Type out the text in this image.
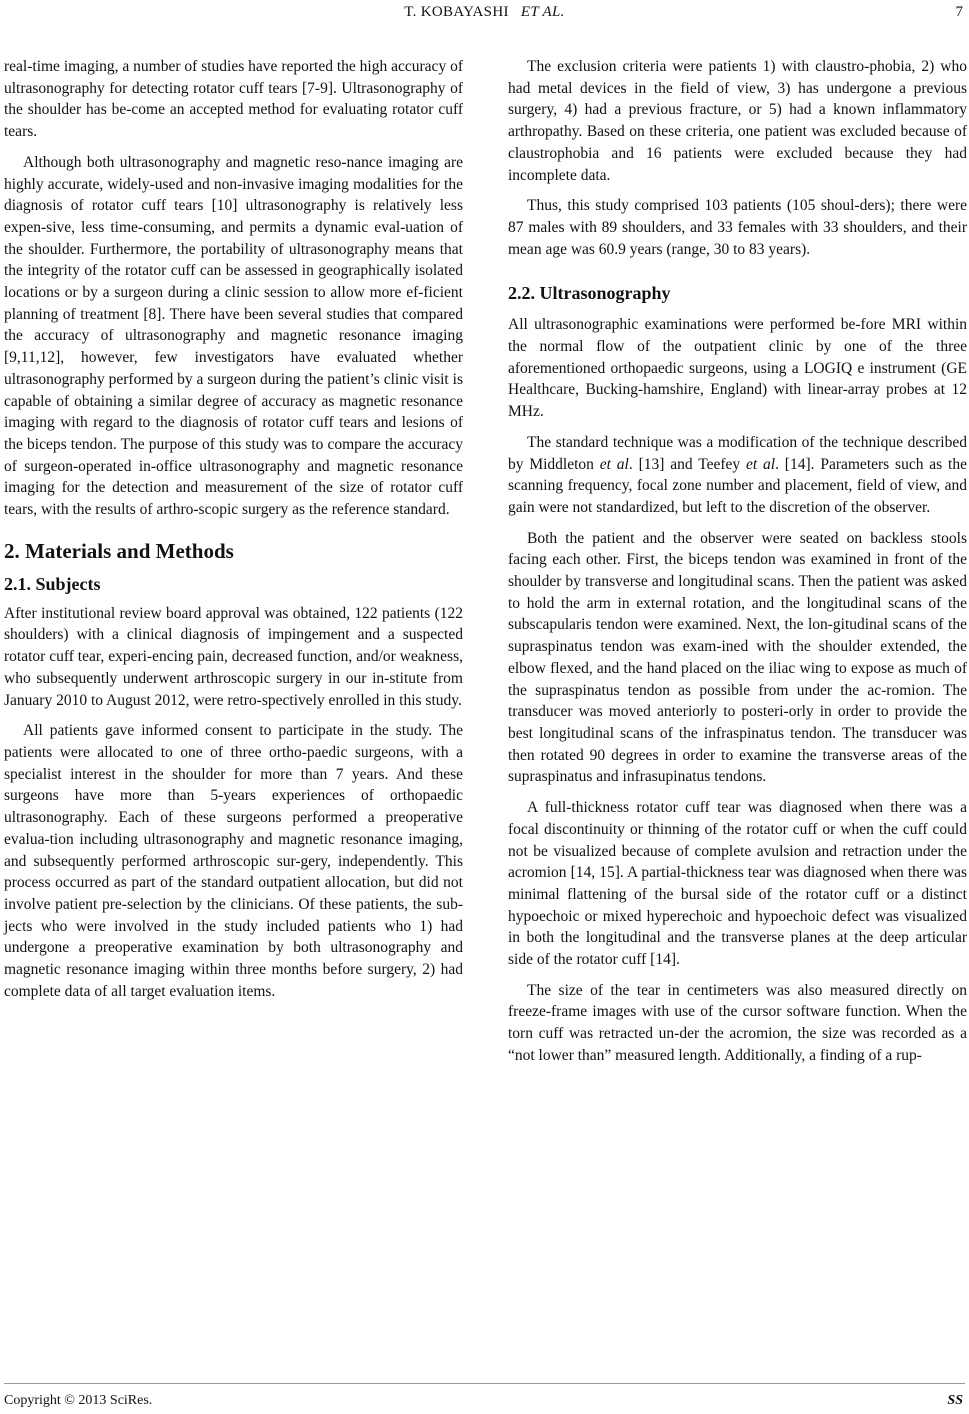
T. KOBAYASHI ET AL.	7

real-time imaging, a number of studies have reported the high accuracy of ultrasonography for detecting rotator cuff tears [7-9]. Ultrasonography of the shoulder has be-come an accepted method for evaluating rotator cuff tears.

Although both ultrasonography and magnetic reso-nance imaging are highly accurate, widely-used and non-invasive imaging modalities for the diagnosis of rotator cuff tears [10] ultrasonography is relatively less expen-sive, less time-consuming, and permits a dynamic eval-uation of the shoulder. Furthermore, the portability of ultrasonography means that the integrity of the rotator cuff can be assessed in geographically isolated locations or by a surgeon during a clinic session to allow more ef-ficient planning of treatment [8]. There have been several studies that compared the accuracy of ultrasonography and magnetic resonance imaging [9,11,12], however, few investigators have evaluated whether ultrasonography performed by a surgeon during the patient’s clinic visit is capable of obtaining a similar degree of accuracy as magnetic resonance imaging with regard to the diagnosis of rotator cuff tears and lesions of the biceps tendon. The purpose of this study was to compare the accuracy of surgeon-operated in-office ultrasonography and magnetic resonance imaging for the detection and measurement of the size of rotator cuff tears, with the results of arthro-scopic surgery as the reference standard.

2. Materials and Methods
2.1. Subjects

After institutional review board approval was obtained, 122 patients (122 shoulders) with a clinical diagnosis of impingement and a suspected rotator cuff tear, experi-encing pain, decreased function, and/or weakness, who subsequently underwent arthroscopic surgery in our in-stitute from January 2010 to August 2012, were retro-spectively enrolled in this study.

All patients gave informed consent to participate in the study. The patients were allocated to one of three ortho-paedic surgeons, with a specialist interest in the shoulder for more than 7 years. And these surgeons have more than 5-years experiences of orthopaedic ultrasonography. Each of these surgeons performed a preoperative evalua-tion including ultrasonography and magnetic resonance imaging, and subsequently performed arthroscopic sur-gery, independently. This process occurred as part of the standard outpatient allocation, but did not involve patient pre-selection by the clinicians. Of these patients, the sub-jects who were involved in the study included patients who 1) had undergone a preoperative examination by both ultrasonography and magnetic resonance imaging within three months before surgery, 2) had complete data of all target evaluation items.

The exclusion criteria were patients 1) with claustro-phobia, 2) who had metal devices in the field of view, 3) has undergone a previous surgery, 4) had a previous fracture, or 5) had a known inflammatory arthropathy. Based on these criteria, one patient was excluded because of claustrophobia and 16 patients were excluded because they had incomplete data.

Thus, this study comprised 103 patients (105 shoul-ders); there were 87 males with 89 shoulders, and 33 females with 33 shoulders, and their mean age was 60.9 years (range, 30 to 83 years).

2.2. Ultrasonography

All ultrasonographic examinations were performed be-fore MRI within the normal flow of the outpatient clinic by one of the three aforementioned orthopaedic surgeons, using a LOGIQ e instrument (GE Healthcare, Bucking-hamshire, England) with linear-array probes at 12 MHz.

The standard technique was a modification of the technique described by Middleton et al. [13] and Teefey et al. [14]. Parameters such as the scanning frequency, focal zone number and placement, field of view, and gain were not standardized, but left to the discretion of the observer.

Both the patient and the observer were seated on backless stools facing each other. First, the biceps tendon was examined in front of the shoulder by transverse and longitudinal scans. Then the patient was asked to hold the arm in external rotation, and the longitudinal scans of the subscapularis tendon were examined. Next, the lon-gitudinal scans of the supraspinatus tendon was exam-ined with the shoulder extended, the elbow flexed, and the hand placed on the iliac wing to expose as much of the supraspinatus tendon as possible from under the ac-romion. The transducer was moved anteriorly to posteri-orly in order to provide the best longitudinal scans of the infraspinatus tendon. The transducer was then rotated 90 degrees in order to examine the transverse areas of the supraspinatus and infrasupinatus tendons.

A full-thickness rotator cuff tear was diagnosed when there was a focal discontinuity or thinning of the rotator cuff or when the cuff could not be visualized because of complete avulsion and retraction under the acromion [14, 15]. A partial-thickness tear was diagnosed when there was minimal flattening of the bursal side of the rotator cuff or a distinct hypoechoic or mixed hyperechoic and hypoechoic defect was visualized in both the longitudinal and the transverse planes at the deep articular side of the rotator cuff [14].

The size of the tear in centimeters was also measured directly on freeze-frame images with use of the cursor software function. When the torn cuff was retracted un-der the acromion, the size was recorded as a “not lower than” measured length. Additionally, a finding of a rup-

Copyright © 2013 SciRes.	SS
